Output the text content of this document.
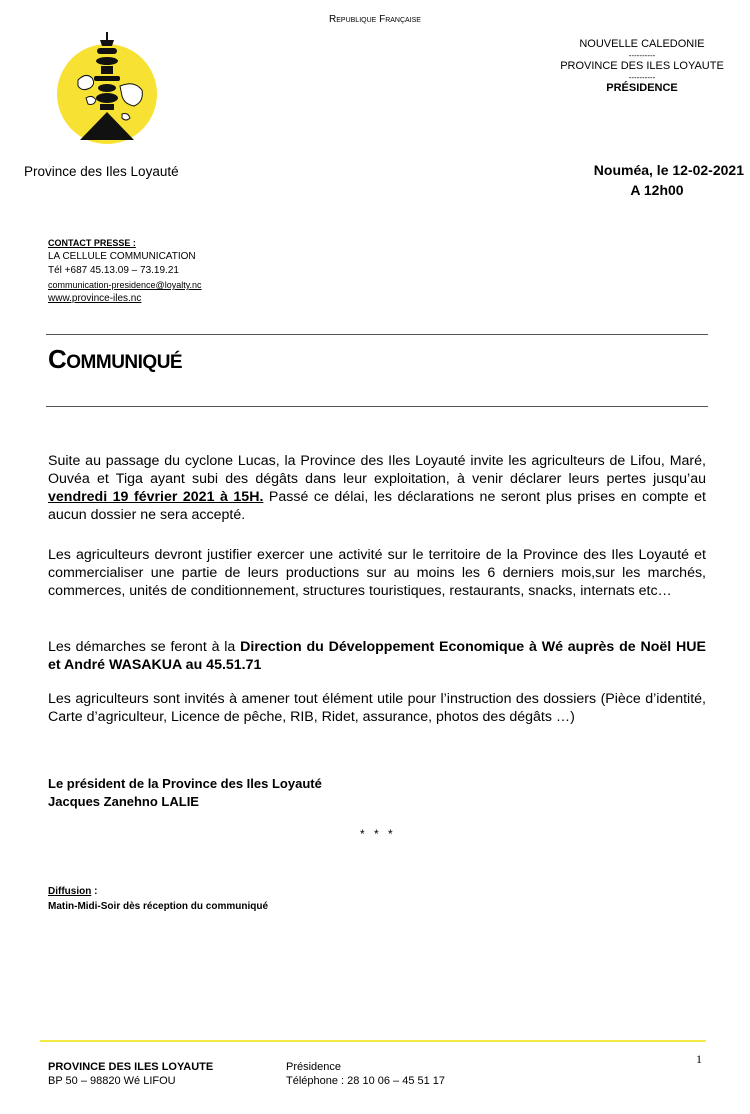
Province des Iles Loyauté
Republique Française
NOUVELLE CALEDONIE
----------
PROVINCE DES ILES LOYAUTE
----------
PRÉSIDENCE
Nouméa, le 12-02-2021
A 12h00
CONTACT PRESSE :
LA CELLULE COMMUNICATION
Tél +687 45.13.09 – 73.19.21
communication-presidence@loyalty.nc
www.province-iles.nc
COMMUNIQUÉ
Suite au passage du cyclone Lucas, la Province des Iles Loyauté invite les agriculteurs de Lifou, Maré, Ouvéa et Tiga ayant subi des dégâts dans leur exploitation, à venir déclarer leurs pertes jusqu’au vendredi 19 février 2021 à 15H. Passé ce délai, les déclarations ne seront plus prises en compte et aucun dossier ne sera accepté.
Les agriculteurs devront justifier exercer une activité sur le territoire de la Province des Iles Loyauté et commercialiser une partie de leurs productions sur au moins les 6 derniers mois,sur les marchés, commerces, unités de conditionnement, structures touristiques, restaurants, snacks, internats etc…
Les démarches se feront à la Direction du Développement Economique à Wé auprès de Noël HUE et André WASAKUA au 45.51.71
Les agriculteurs sont invités à amener tout élément utile pour l’instruction des dossiers (Pièce d’identité, Carte d’agriculteur, Licence de pêche, RIB, Ridet, assurance, photos des dégâts …)
Le président de la Province des Iles Loyauté
Jacques Zanehno LALIE
* * *
Diffusion :
Matin-Midi-Soir dès réception du communiqué
PROVINCE DES ILES LOYAUTE
BP 50 – 98820 Wé LIFOU
Présidence
Téléphone : 28 10 06 – 45 51 17
1
